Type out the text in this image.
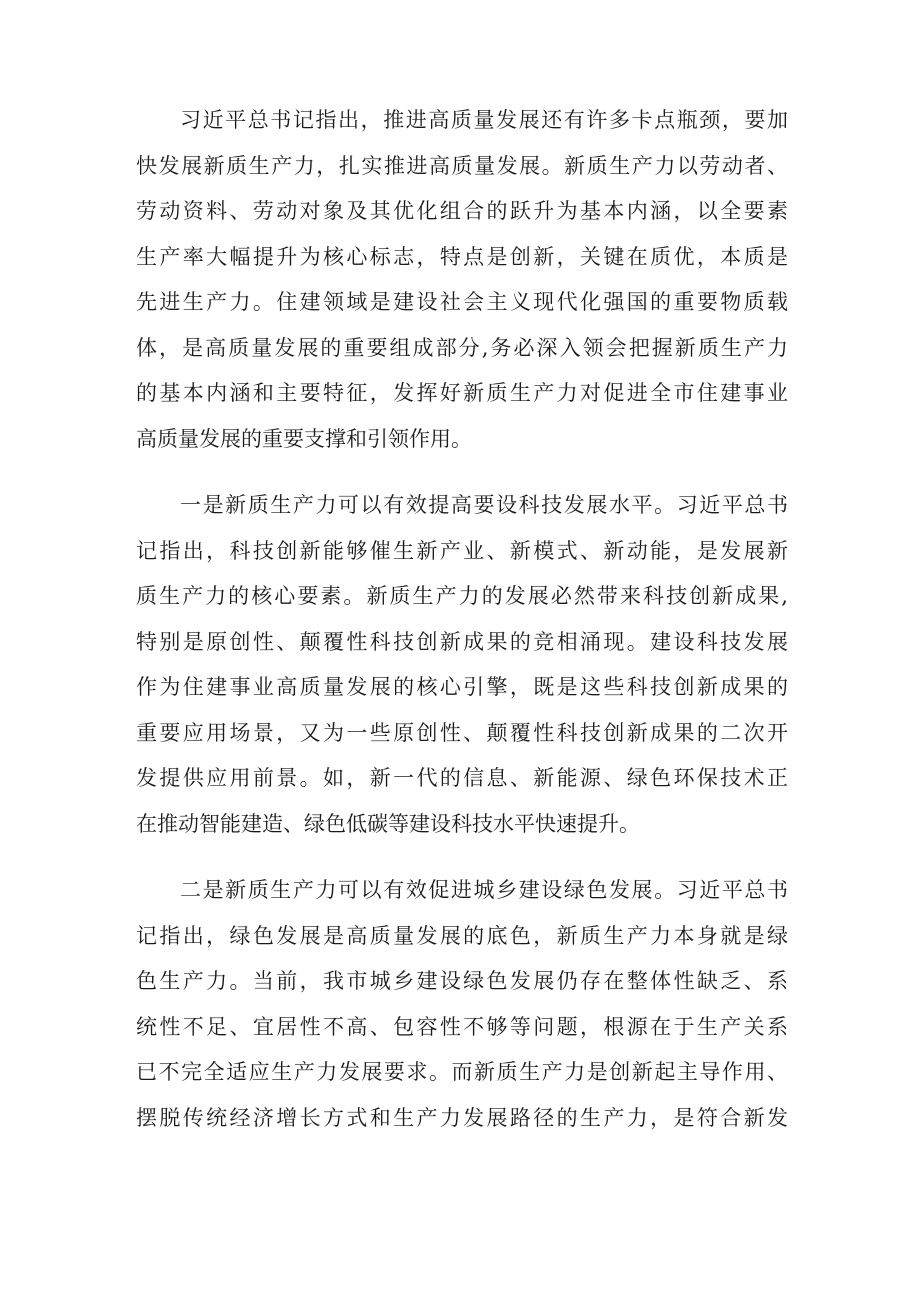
习近平总书记指出，推进高质量发展还有许多卡点瓶颈，要加
快发展新质生产力，扎实推进高质量发展。新质生产力以劳动者、
劳动资料、劳动对象及其优化组合的跃升为基本内涵，以全要素
生产率大幅提升为核心标志，特点是创新，关键在质优，本质是
先进生产力。住建领域是建设社会主义现代化强国的重要物质载
体，是高质量发展的重要组成部分,务必深入领会把握新质生产力
的基本内涵和主要特征，发挥好新质生产力对促进全市住建事业
高质量发展的重要支撑和引领作用。
一是新质生产力可以有效提高要设科技发展水平。习近平总书
记指出，科技创新能够催生新产业、新模式、新动能，是发展新
质生产力的核心要素。新质生产力的发展必然带来科技创新成果,
特别是原创性、颠覆性科技创新成果的竞相涌现。建设科技发展
作为住建事业高质量发展的核心引擎，既是这些科技创新成果的
重要应用场景，又为一些原创性、颠覆性科技创新成果的二次开
发提供应用前景。如，新一代的信息、新能源、绿色环保技术正
在推动智能建造、绿色低碳等建设科技水平快速提升。
二是新质生产力可以有效促进城乡建设绿色发展。习近平总书
记指出，绿色发展是高质量发展的底色，新质生产力本身就是绿
色生产力。当前，我市城乡建设绿色发展仍存在整体性缺乏、系
统性不足、宜居性不高、包容性不够等问题，根源在于生产关系
已不完全适应生产力发展要求。而新质生产力是创新起主导作用、
摆脱传统经济增长方式和生产力发展路径的生产力，是符合新发
